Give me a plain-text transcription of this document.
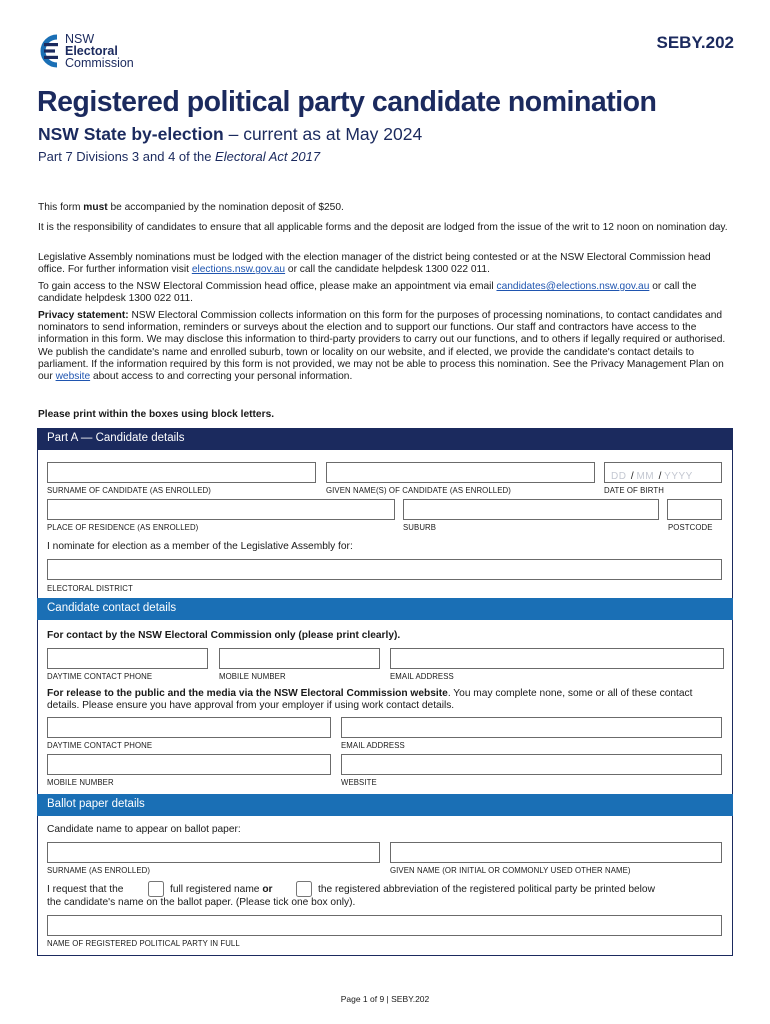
NSW
Electoral
Commission
SEBY.202
Registered political party candidate nomination
NSW State by-election – current as at May 2024
Part 7 Divisions 3 and 4 of the Electoral Act 2017
This form must be accompanied by the nomination deposit of $250.
It is the responsibility of candidates to ensure that all applicable forms and the deposit are lodged from the issue of the writ to 12 noon on nomination day.
Legislative Assembly nominations must be lodged with the election manager of the district being contested or at the NSW Electoral Commission head office. For further information visit elections.nsw.gov.au or call the candidate helpdesk 1300 022 011.
To gain access to the NSW Electoral Commission head office, please make an appointment via email candidates@elections.nsw.gov.au or call the candidate helpdesk 1300 022 011.
Privacy statement: NSW Electoral Commission collects information on this form for the purposes of processing nominations, to contact candidates and nominators to send information, reminders or surveys about the election and to support our functions. Our staff and contractors have access to the information in this form. We may disclose this information to third-party providers to carry out our functions, and to others if legally required or authorised. We publish the candidate's name and enrolled suburb, town or locality on our website, and if elected, we provide the candidate's contact details to parliament. If the information required by this form is not provided, we may not be able to process this nomination. See the Privacy Management Plan on our website about access to and correcting your personal information.
Please print within the boxes using block letters.
Part A — Candidate details
DD / MM / YYYY
SURNAME OF CANDIDATE (AS ENROLLED)	GIVEN NAME(S) OF CANDIDATE (AS ENROLLED)	DATE OF BIRTH
PLACE OF RESIDENCE (AS ENROLLED)	SUBURB	POSTCODE
I nominate for election as a member of the Legislative Assembly for:
ELECTORAL DISTRICT
Candidate contact details
For contact by the NSW Electoral Commission only (please print clearly).
DAYTIME CONTACT PHONE	MOBILE NUMBER	EMAIL ADDRESS
For release to the public and the media via the NSW Electoral Commission website. You may complete none, some or all of these contact details. Please ensure you have approval from your employer if using work contact details.
DAYTIME CONTACT PHONE	EMAIL ADDRESS
MOBILE NUMBER	WEBSITE
Ballot paper details
Candidate name to appear on ballot paper:
SURNAME (AS ENROLLED)	GIVEN NAME (OR INITIAL OR COMMONLY USED OTHER NAME)
I request that the	full registered name or	the registered abbreviation of the registered political party be printed below
the candidate's name on the ballot paper. (Please tick one box only).
NAME OF REGISTERED POLITICAL PARTY IN FULL
Page 1 of 9 | SEBY.202
